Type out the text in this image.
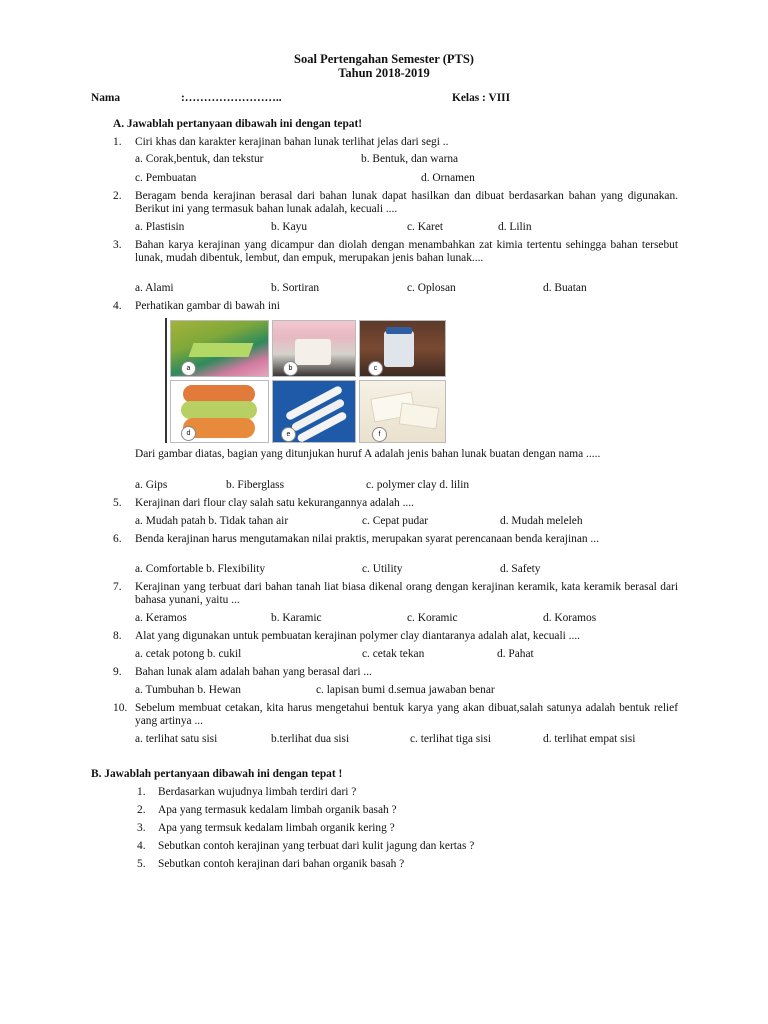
Soal Pertengahan Semester (PTS)
Tahun 2018-2019
Nama	:……………………..	Kelas : VIII
A. Jawablah pertanyaan dibawah ini dengan tepat!
1. Ciri khas dan karakter kerajinan bahan lunak terlihat jelas dari segi ..
a. Corak,bentuk, dan tekstur	b. Bentuk, dan warna
c. Pembuatan	d. Ornamen
2. Beragam benda kerajinan berasal dari bahan lunak dapat hasilkan dan dibuat berdasarkan bahan yang digunakan. Berikut ini yang termasuk bahan lunak adalah, kecuali ....
a. Plastisin	b. Kayu	c. Karet	d. Lilin
3. Bahan karya kerajinan yang dicampur dan diolah dengan menambahkan zat kimia tertentu sehingga bahan tersebut lunak, mudah dibentuk, lembut, dan empuk, merupakan jenis bahan lunak....
a. Alami	b. Sortiran	c. Oplosan	d. Buatan
4. Perhatikan gambar di bawah ini
a	b	c
d	e	f
Dari gambar diatas, bagian yang ditunjukan huruf A adalah jenis bahan lunak buatan dengan nama .....
a. Gips	b. Fiberglass	c. polymer clay d. lilin
5. Kerajinan dari flour clay salah satu kekurangannya adalah ....
a. Mudah patah b. Tidak tahan air	c. Cepat pudar	d. Mudah meleleh
6. Benda kerajinan harus mengutamakan nilai praktis, merupakan syarat perencanaan benda kerajinan ...
a. Comfortable b. Flexibility	c. Utility	d. Safety
7. Kerajinan yang terbuat dari bahan tanah liat biasa dikenal orang dengan kerajinan keramik, kata keramik berasal dari bahasa yunani, yaitu ...
a. Keramos	b. Karamic	c. Koramic	d. Koramos
8. Alat yang digunakan untuk pembuatan kerajinan polymer clay diantaranya adalah alat, kecuali ....
a. cetak potong b. cukil	c. cetak tekan	d. Pahat
9. Bahan lunak alam adalah bahan yang berasal dari ...
a. Tumbuhan b. Hewan	c. lapisan bumi d.semua jawaban benar
10. Sebelum membuat cetakan, kita harus mengetahui bentuk karya yang akan dibuat,salah satunya adalah bentuk relief yang artinya ...
a. terlihat satu sisi	b.terlihat dua sisi	c. terlihat tiga sisi	d. terlihat empat sisi
B. Jawablah pertanyaan dibawah ini dengan tepat !
1. Berdasarkan wujudnya limbah terdiri dari ?
2. Apa yang termasuk kedalam limbah organik basah ?
3. Apa yang termsuk kedalam limbah organik kering ?
4. Sebutkan contoh kerajinan yang terbuat dari kulit jagung dan kertas ?
5. Sebutkan contoh kerajinan dari bahan organik basah ?
